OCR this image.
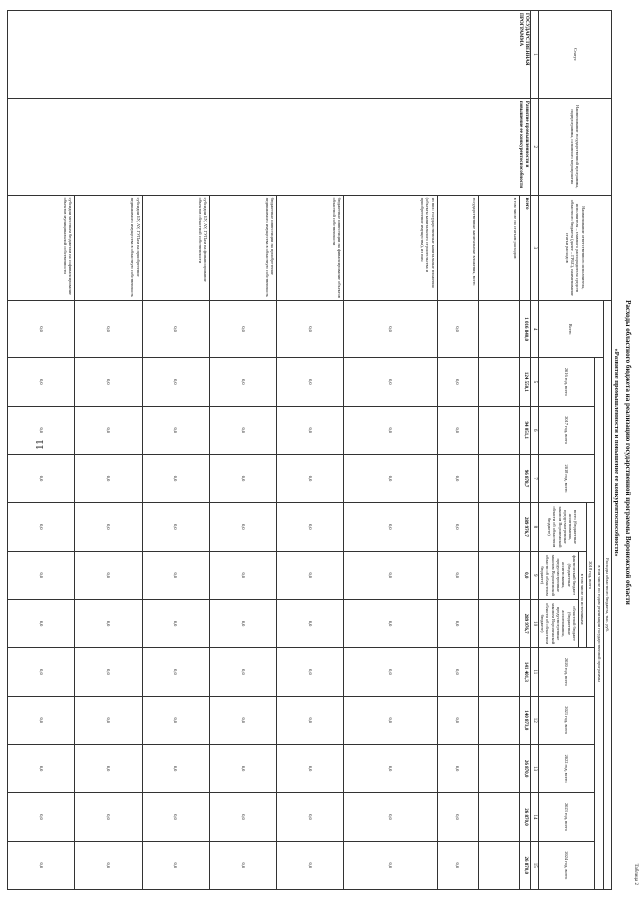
11
Таблица 2
Расходы областного бюджета на реализацию государственной программы Воронежской области
«Развитие промышленности и повышение ее конкурентоспособности»
Статус	Наименование государственной программы, подпрограммы, основного мероприятия	Наименование ответственного исполнителя, исполнителя – главного распорядителя средств областного бюджета (далее – ГРБС), наименование статьи расходов	Расходы областного бюджета, тыс. руб.											
			Всего	в том числе по годам реализации государственной программы										
				2016 год, всего	2017 год, всего	2018 год, всего	2018 год, всего			2020 год, всего	2021 год, всего	2022 год, всего	2023 год, всего	2024 год, всего
							всего (бюджетные ассигнования, предусмотренные законом Воронежской области об областном бюджете)	в том числе по источникам:						
								фактический бюджет (бюджетные ассигнования, предусмотренные законом Воронежской области об областном бюджете)	областной бюджет (бюджетные ассигнования, предусмотренные законом Воронежской области об областном бюджете)					
1	2	3	4	5	6	7	8	9	10	11	12	13	14	15
ГОСУДАРСТВЕННАЯ ПРОГРАММА	Развитие промышленности и повышение ее конкурентоспособности	всего	1 016 840,0	124 550,1	94 051,1	96 878,7	289 976,7	0,0	289 976,7	141 401,3	140 873,0	26 870,0	26 870,0	26 870,0
		в том числе по статьям расходов:												
		государственные капитальные вложения, всего	0,0	0,0	0,0	0,0	0,0	0,0	0,0	0,0	0,0	0,0	0,0	0,0
		из них: государственные капитальные вложения (объекты капитального строительства и приобретение имущества), из них:	0,0	0,0	0,0	0,0	0,0	0,0	0,0	0,0	0,0	0,0	0,0	0,0
		бюджетные инвестиции на финансирование объектов областной собственности	0,0	0,0	0,0	0,0	0,0	0,0	0,0	0,0	0,0	0,0	0,0	0,0
		бюджетные инвестиции на приобретение недвижимого имущества в областную собственность	0,0	0,0	0,0	0,0	0,0	0,0	0,0	0,0	0,0	0,0	0,0	0,0
		субсидии БУ, АУ, ГУПам на финансирование объектов областной собственности	0,0	0,0	0,0	0,0	0,0	0,0	0,0	0,0	0,0	0,0	0,0	0,0
		субсидии БУ, АУ, ГУПам на приобретение недвижимого имущества в областную собственность	0,0	0,0	0,0	0,0	0,0	0,0	0,0	0,0	0,0	0,0	0,0	0,0
		субсидии местным бюджетам на софинансирование объектов муниципальной собственности	0,0	0,0	0,0	0,0	0,0	0,0	0,0	0,0	0,0	0,0	0,0	0,0
